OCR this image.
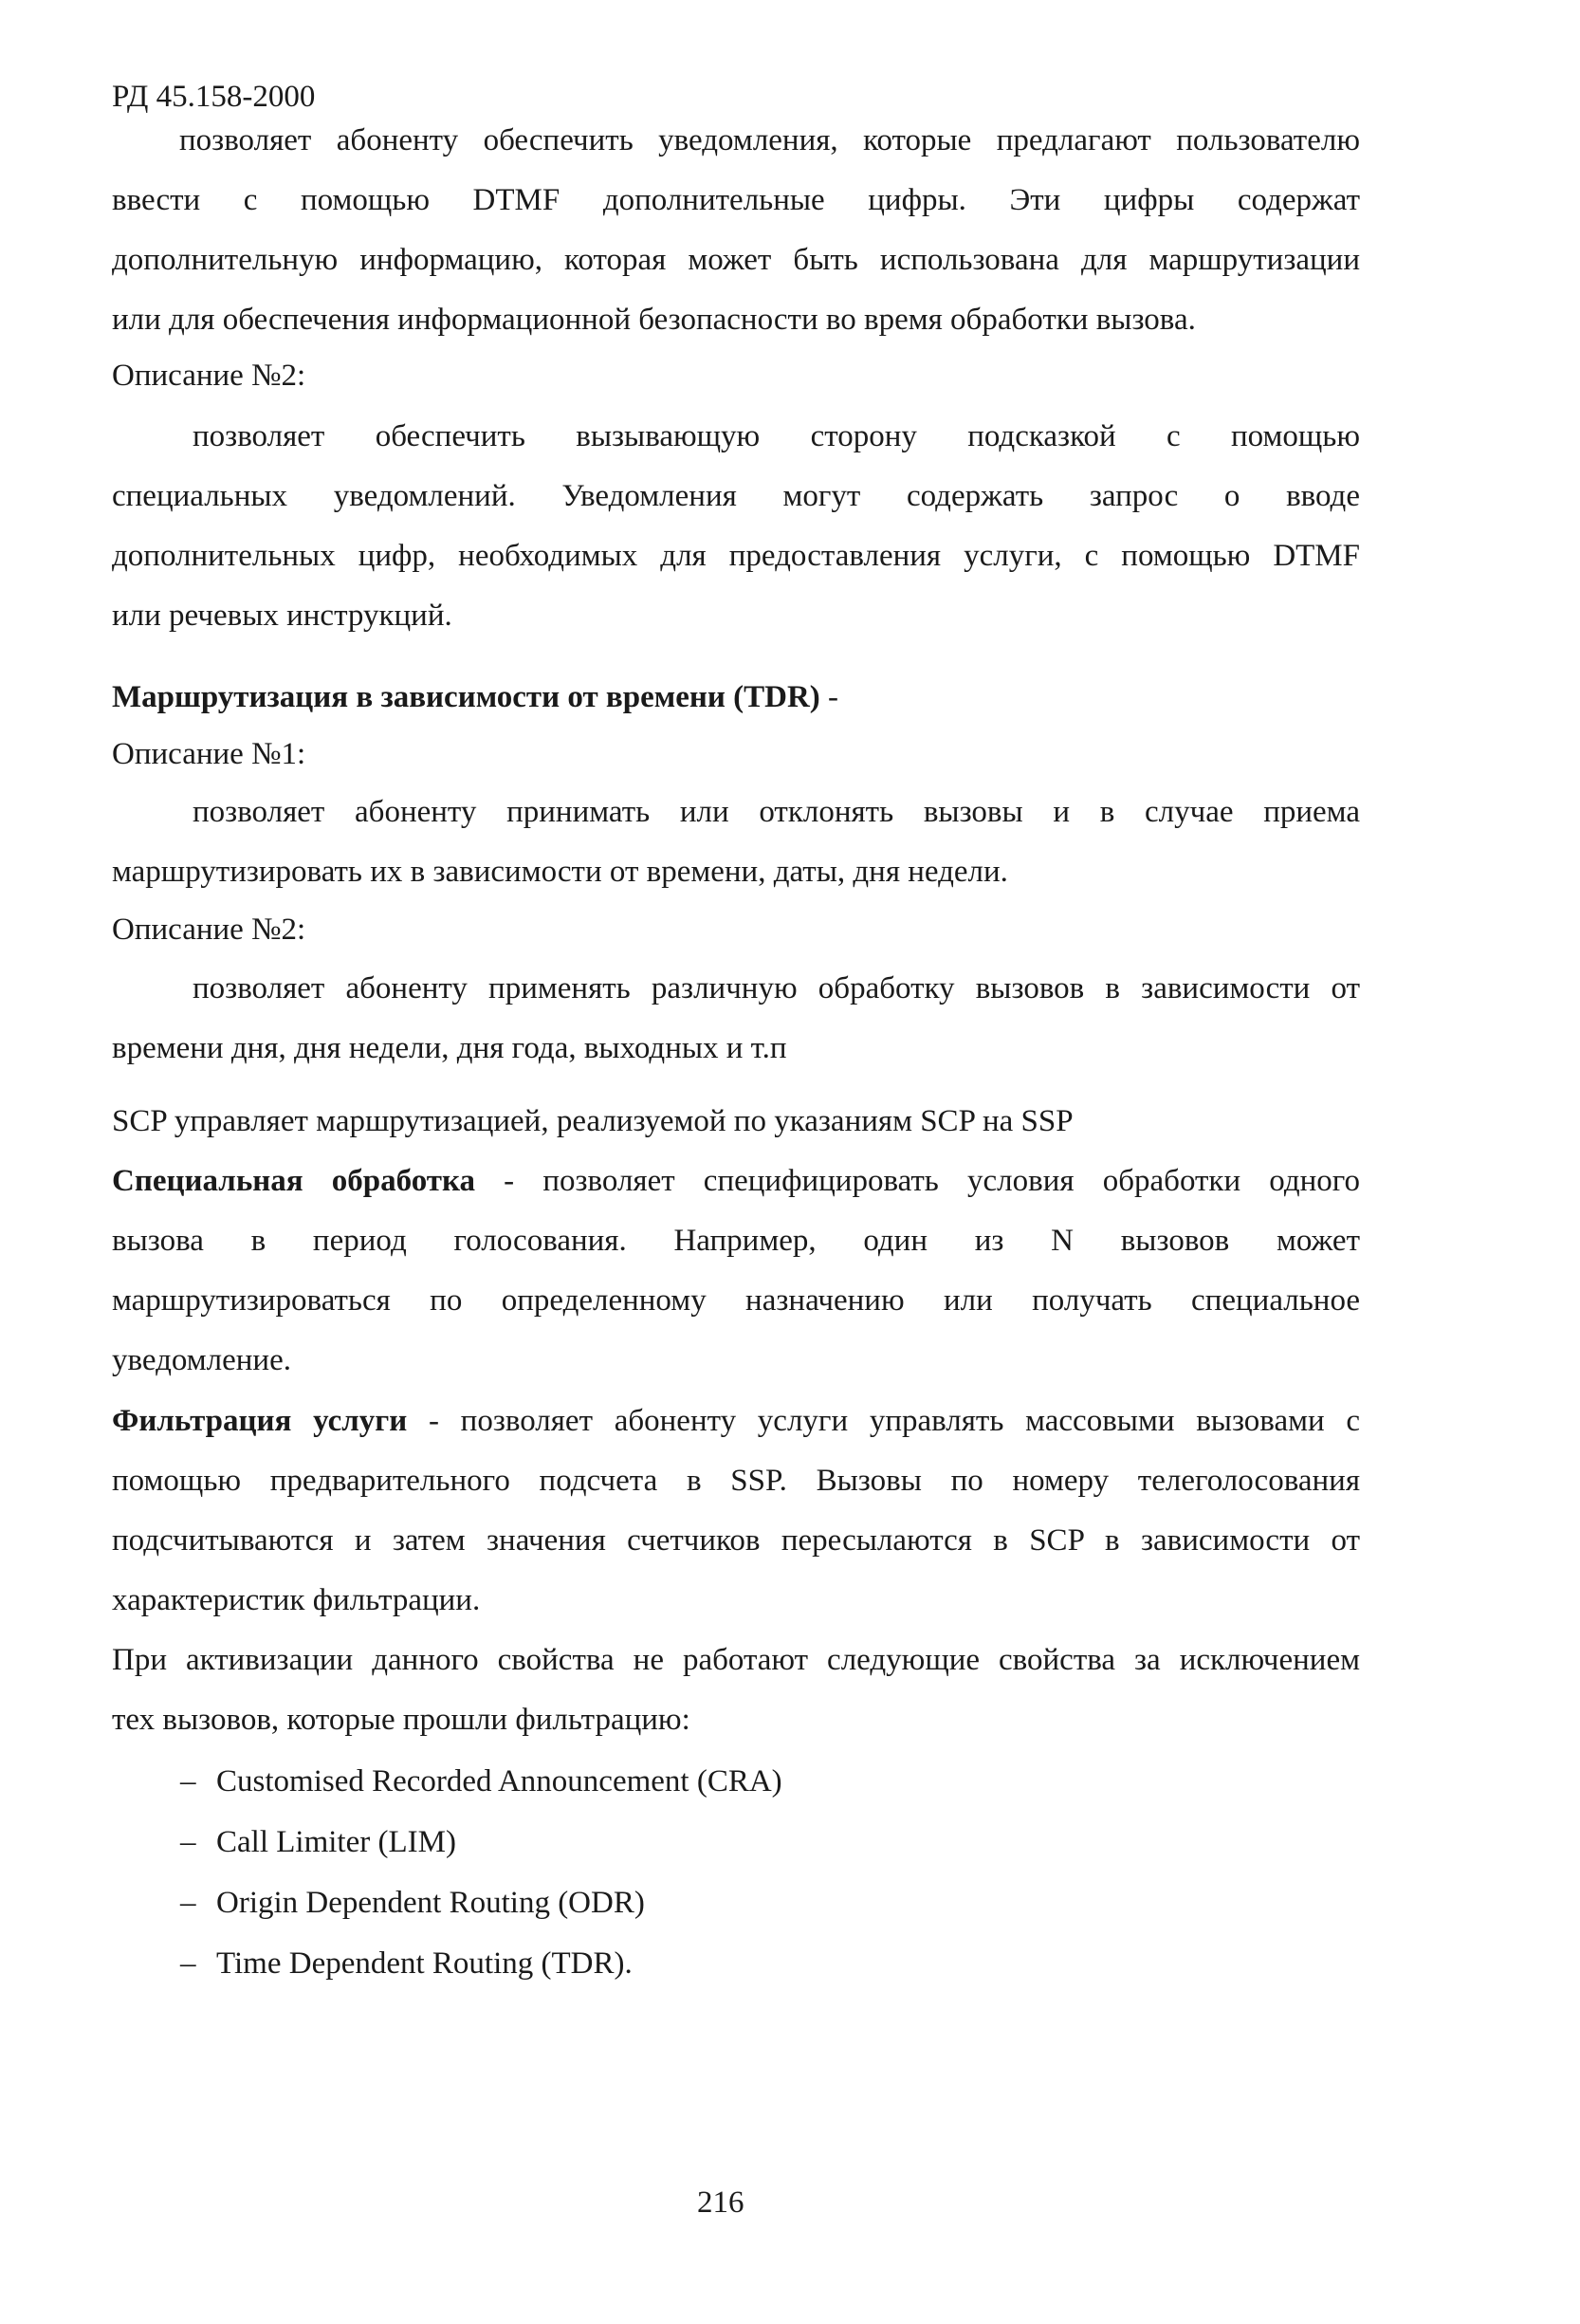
РД 45.158-2000
позволяет абоненту обеспечить уведомления, которые предлагают пользователю
ввести с помощью DTMF дополнительные цифры. Эти цифры содержат
дополнительную информацию, которая может быть использована для маршрутизации
или для обеспечения информационной безопасности во время обработки вызова.
Описание №2:
позволяет обеспечить вызывающую сторону подсказкой с помощью
специальных уведомлений. Уведомления могут содержать запрос о вводе
дополнительных цифр, необходимых для предоставления услуги, с помощью DTMF
или речевых инструкций.
Маршрутизация в зависимости от времени (TDR) -
Описание №1:
позволяет абоненту принимать или отклонять вызовы и в случае приема
маршрутизировать их в зависимости от времени, даты, дня недели.
Описание №2:
позволяет абоненту применять различную обработку вызовов в зависимости от
времени дня, дня недели, дня года, выходных и т.п
SCP управляет маршрутизацией, реализуемой по указаниям SCP на SSP
Специальная обработка - позволяет специфицировать условия обработки одного
вызова в период голосования. Например, один из N вызовов может
маршрутизироваться по определенному назначению или получать специальное
уведомление.
Фильтрация услуги - позволяет абоненту услуги управлять массовыми вызовами с
помощью предварительного подсчета в SSP. Вызовы по номеру телеголосования
подсчитываются и затем значения счетчиков пересылаются в SCP в зависимости от
характеристик фильтрации.
При активизации данного свойства не работают следующие свойства за исключением
тех вызовов, которые прошли фильтрацию:
– Customised Recorded Announcement (CRA)
– Call Limiter (LIM)
– Origin Dependent Routing (ODR)
– Time Dependent Routing (TDR).
216
